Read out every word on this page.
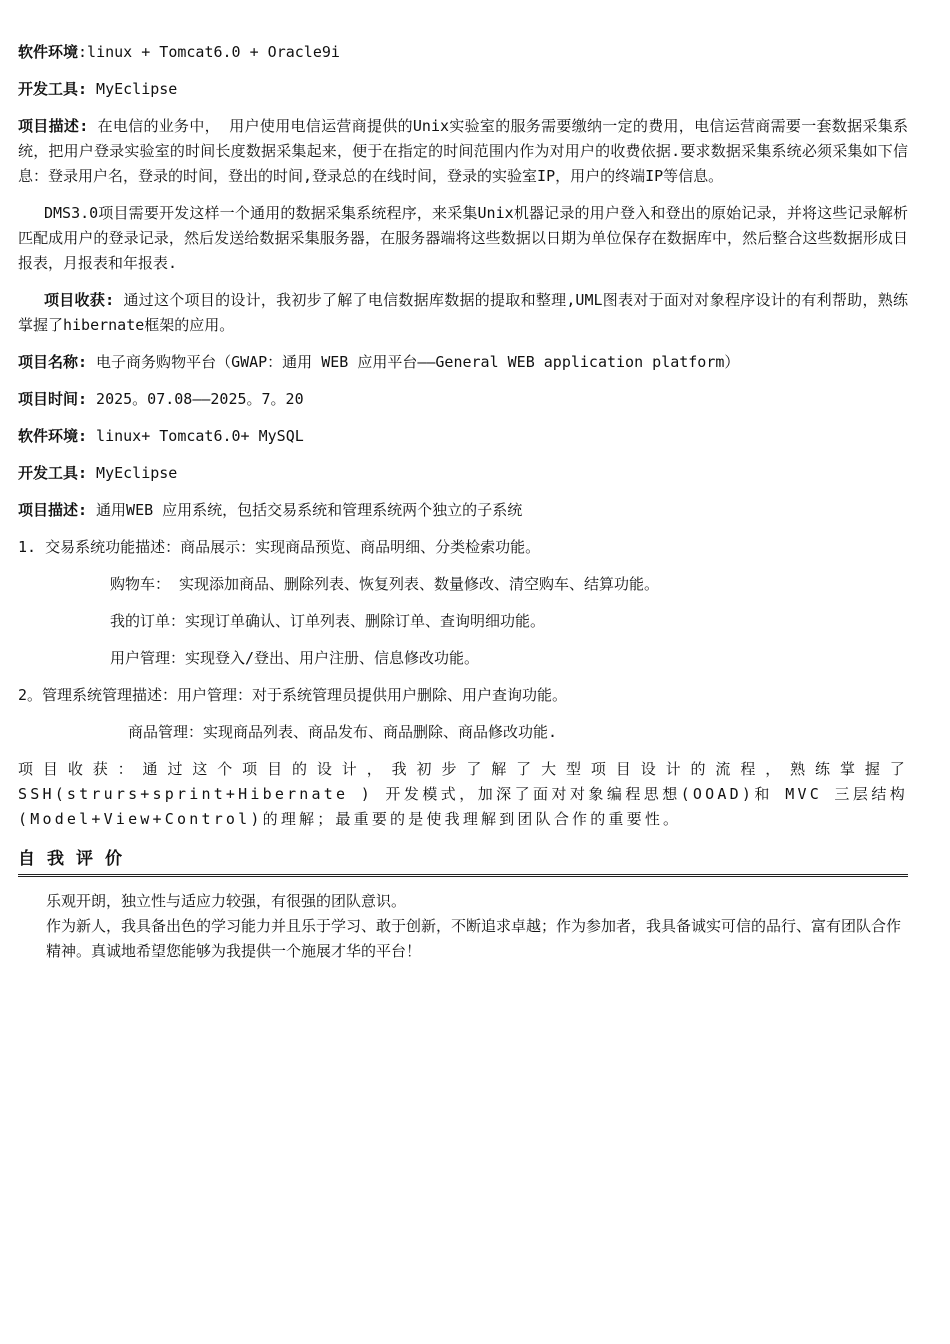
软件环境:linux + Tomcat6.0 + Oracle9i

开发工具: MyEclipse

项目描述: 在电信的业务中， 用户使用电信运营商提供的Unix实验室的服务需要缴纳一定的费用，电信运营商需要一套数据采集系统，把用户登录实验室的时间长度数据采集起来，便于在指定的时间范围内作为对用户的收费依据.要求数据采集系统必须采集如下信息：登录用户名，登录的时间，登出的时间,登录总的在线时间，登录的实验室IP，用户的终端IP等信息。

DMS3.0项目需要开发这样一个通用的数据采集系统程序，来采集Unix机器记录的用户登入和登出的原始记录，并将这些记录解析匹配成用户的登录记录，然后发送给数据采集服务器，在服务器端将这些数据以日期为单位保存在数据库中，然后整合这些数据形成日报表，月报表和年报表.

项目收获: 通过这个项目的设计，我初步了解了电信数据库数据的提取和整理,UML图表对于面对对象程序设计的有利帮助，熟练掌握了hibernate框架的应用。

项目名称: 电子商务购物平台（GWAP：通用 WEB 应用平台——General WEB application platform）

项目时间: 2025。07.08——2025。7。20

软件环境: linux+ Tomcat6.0+ MySQL

开发工具: MyEclipse

项目描述: 通用WEB 应用系统，包括交易系统和管理系统两个独立的子系统

1. 交易系统功能描述：商品展示：实现商品预览、商品明细、分类检索功能。

购物车： 实现添加商品、删除列表、恢复列表、数量修改、清空购车、结算功能。

我的订单：实现订单确认、订单列表、删除订单、查询明细功能。

用户管理：实现登入/登出、用户注册、信息修改功能。

2。管理系统管理描述：用户管理：对于系统管理员提供用户删除、用户查询功能。

商品管理：实现商品列表、商品发布、商品删除、商品修改功能.

项目收获：通过这个项目的设计，我初步了解了大型项目设计的流程，熟练掌握了SSH(strurs+sprint+Hibernate ) 开发模式，加深了面对对象编程思想(OOAD)和 MVC 三层结构(Model+View+Control)的理解；最重要的是使我理解到团队合作的重要性。

自我评价

乐观开朗，独立性与适应力较强，有很强的团队意识。

作为新人，我具备出色的学习能力并且乐于学习、敢于创新，不断追求卓越；作为参加者，我具备诚实可信的品行、富有团队合作精神。真诚地希望您能够为我提供一个施展才华的平台！
